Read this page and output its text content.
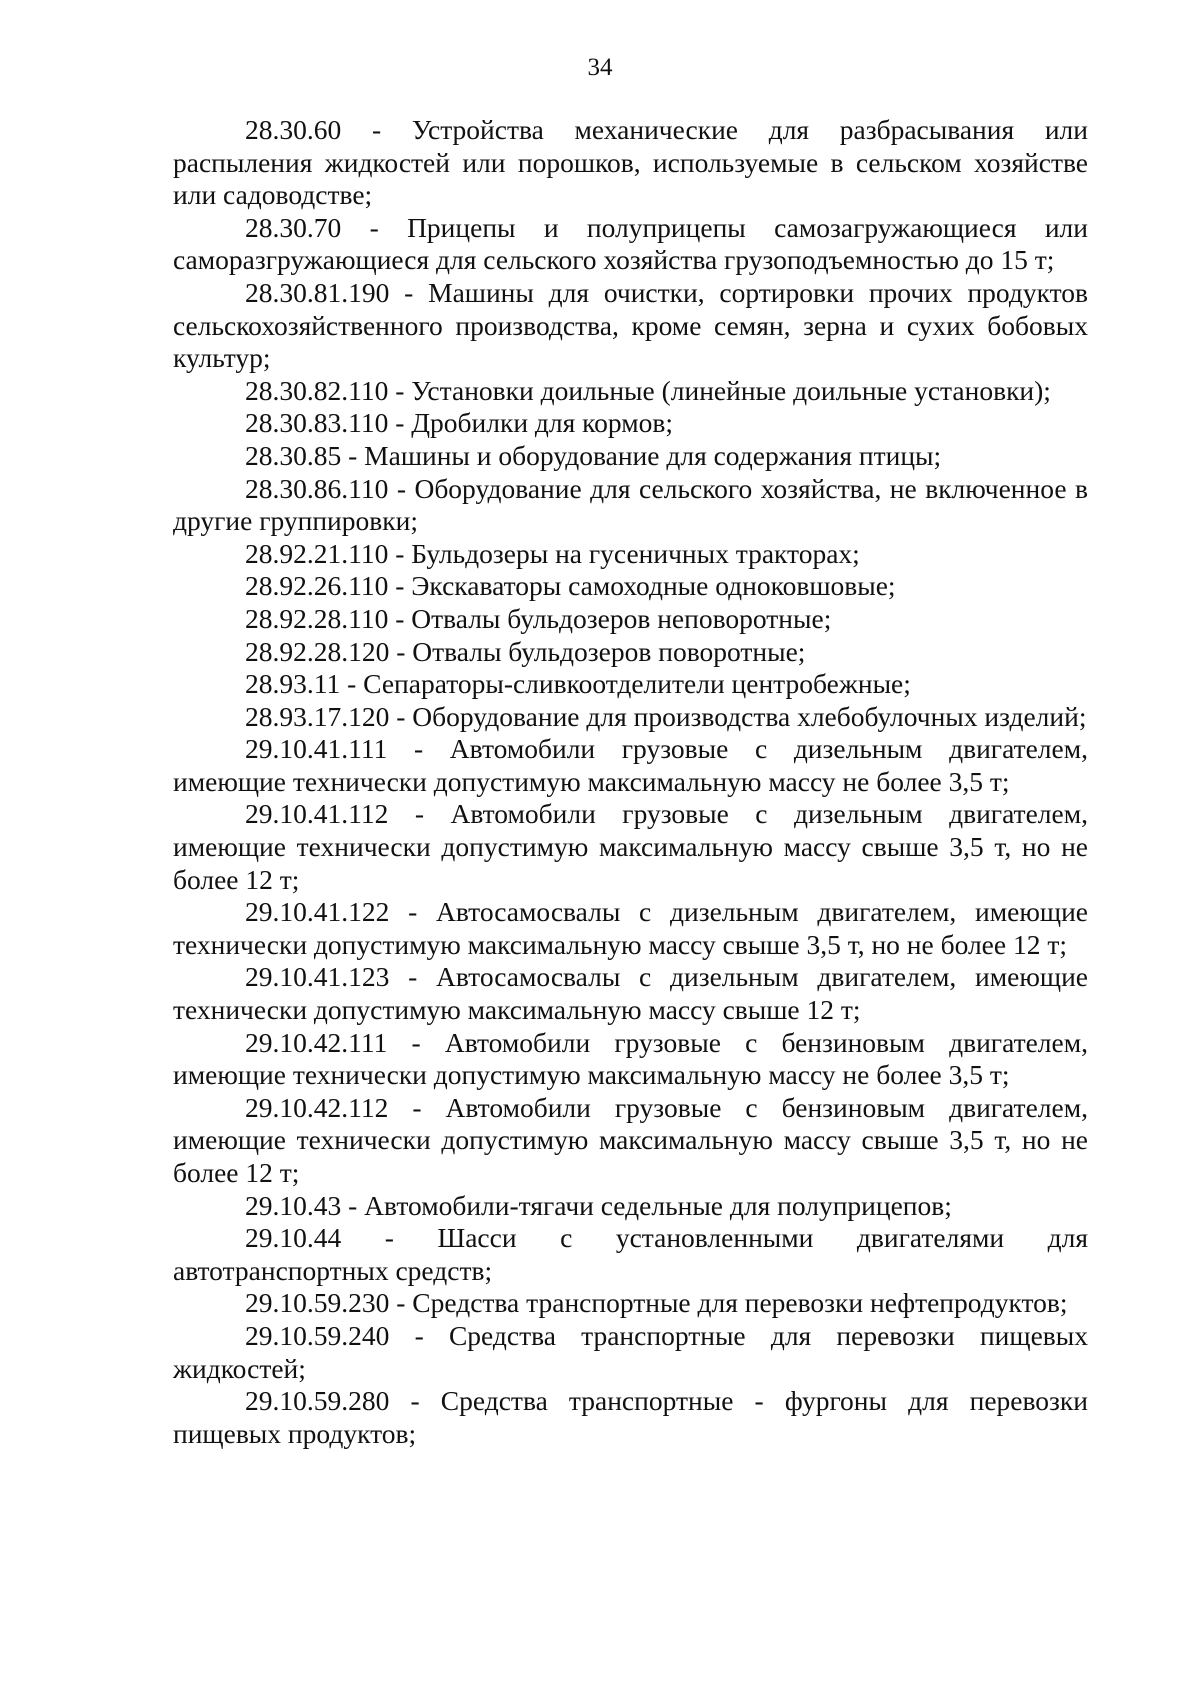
34

28.30.60 - Устройства механические для разбрасывания или распыления жидкостей или порошков, используемые в сельском хозяйстве или садоводстве;

28.30.70 - Прицепы и полуприцепы самозагружающиеся или саморазгружающиеся для сельского хозяйства грузоподъемностью до 15 т;

28.30.81.190 - Машины для очистки, сортировки прочих продуктов сельскохозяйственного производства, кроме семян, зерна и сухих бобовых культур;

28.30.82.110 - Установки доильные (линейные доильные установки);

28.30.83.110 - Дробилки для кормов;

28.30.85 - Машины и оборудование для содержания птицы;

28.30.86.110 - Оборудование для сельского хозяйства, не включенное в другие группировки;

28.92.21.110 - Бульдозеры на гусеничных тракторах;

28.92.26.110 - Экскаваторы самоходные одноковшовые;

28.92.28.110 - Отвалы бульдозеров неповоротные;

28.92.28.120 - Отвалы бульдозеров поворотные;

28.93.11 - Сепараторы-сливкоотделители центробежные;

28.93.17.120 - Оборудование для производства хлебобулочных изделий;

29.10.41.111 - Автомобили грузовые с дизельным двигателем, имеющие технически допустимую максимальную массу не более 3,5 т;

29.10.41.112 - Автомобили грузовые с дизельным двигателем, имеющие технически допустимую максимальную массу свыше 3,5 т, но не более 12 т;

29.10.41.122 - Автосамосвалы с дизельным двигателем, имеющие технически допустимую максимальную массу свыше 3,5 т, но не более 12 т;

29.10.41.123 - Автосамосвалы с дизельным двигателем, имеющие технически допустимую максимальную массу свыше 12 т;

29.10.42.111 - Автомобили грузовые с бензиновым двигателем, имеющие технически допустимую максимальную массу не более 3,5 т;

29.10.42.112 - Автомобили грузовые с бензиновым двигателем, имеющие технически допустимую максимальную массу свыше 3,5 т, но не более 12 т;

29.10.43 - Автомобили-тягачи седельные для полуприцепов;

29.10.44 - Шасси с установленными двигателями для автотранспортных средств;

29.10.59.230 - Средства транспортные для перевозки нефтепродуктов;

29.10.59.240 - Средства транспортные для перевозки пищевых жидкостей;

29.10.59.280 - Средства транспортные - фургоны для перевозки пищевых продуктов;
